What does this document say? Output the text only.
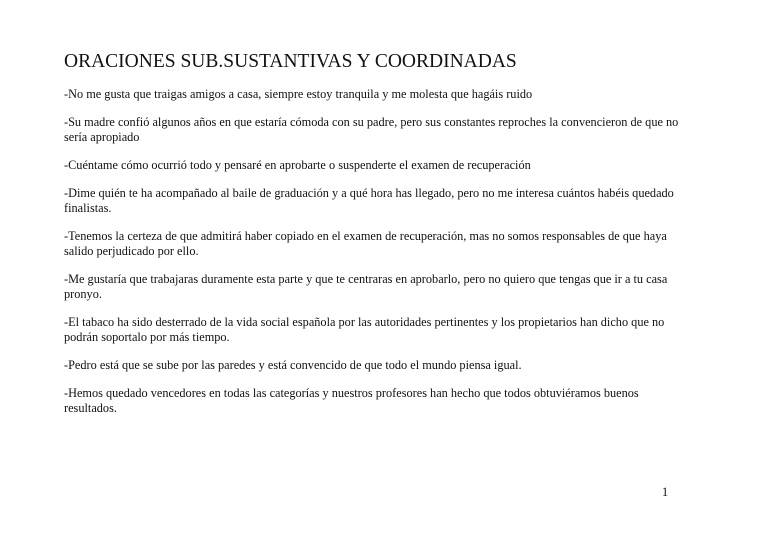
ORACIONES SUB.SUSTANTIVAS Y COORDINADAS
-No me gusta que traigas amigos a casa, siempre estoy tranquila y me molesta que hagáis ruido
-Su madre confió algunos años en que estaría cómoda con su padre, pero sus constantes reproches la convencieron de que no sería apropiado
-Cuéntame cómo ocurrió todo y pensaré en aprobarte o suspenderte el examen de recuperación
-Dime quién te ha acompañado al baile de graduación y a qué hora has llegado, pero no me interesa cuántos habéis quedado finalistas.
-Tenemos la certeza de que admitirá haber copiado en el examen de recuperación, mas no somos responsables de que haya salido perjudicado por ello.
-Me gustaría que trabajaras duramente esta parte y que te centraras en aprobarlo, pero no quiero que tengas que ir a tu casa pronyo.
-El tabaco ha sido desterrado de la vida social española por las autoridades pertinentes y los propietarios han dicho que no podrán soportalo por más tiempo.
-Pedro está que se sube por las paredes y está convencido de que todo el mundo piensa igual.
-Hemos quedado vencedores en todas las categorías y nuestros profesores han hecho que todos obtuviéramos buenos resultados.
1
